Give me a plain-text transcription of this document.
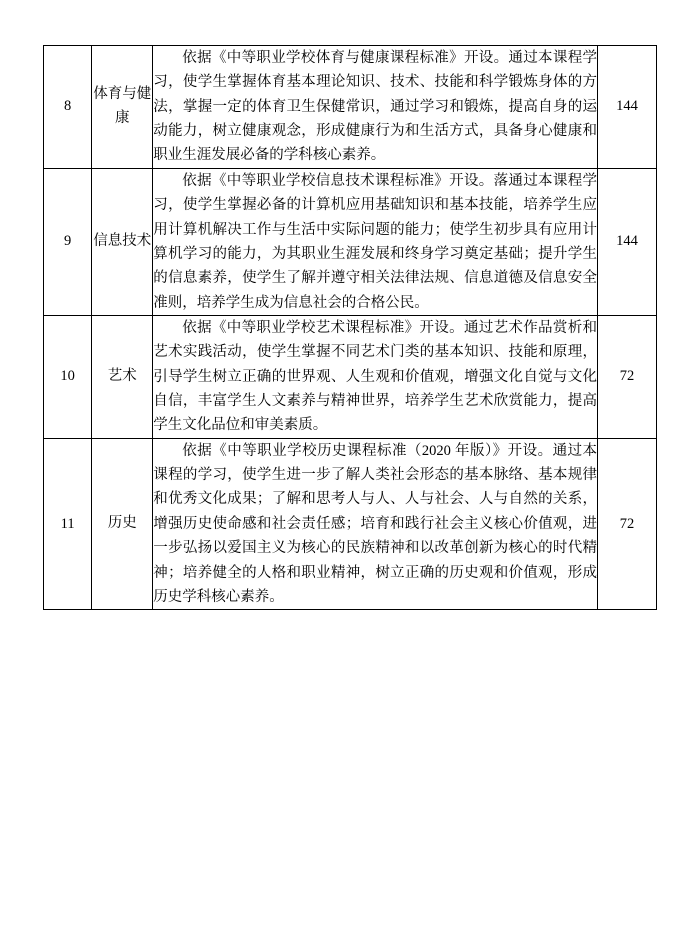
8	体育与健康	依据《中等职业学校体育与健康课程标准》开设。通过本课程学习，使学生掌握体育基本理论知识、技术、技能和科学锻炼身体的方法，掌握一定的体育卫生保健常识，通过学习和锻炼，提高自身的运动能力，树立健康观念，形成健康行为和生活方式，具备身心健康和职业生涯发展必备的学科核心素养。	144
9	信息技术	依据《中等职业学校信息技术课程标准》开设。落通过本课程学习，使学生掌握必备的计算机应用基础知识和基本技能，培养学生应用计算机解决工作与生活中实际问题的能力；使学生初步具有应用计算机学习的能力，为其职业生涯发展和终身学习奠定基础；提升学生的信息素养，使学生了解并遵守相关法律法规、信息道德及信息安全准则，培养学生成为信息社会的合格公民。	144
10	艺术	依据《中等职业学校艺术课程标准》开设。通过艺术作品赏析和艺术实践活动，使学生掌握不同艺术门类的基本知识、技能和原理，引导学生树立正确的世界观、人生观和价值观，增强文化自觉与文化自信，丰富学生人文素养与精神世界，培养学生艺术欣赏能力，提高学生文化品位和审美素质。	72
11	历史	依据《中等职业学校历史课程标准（2020 年版）》开设。通过本课程的学习，使学生进一步了解人类社会形态的基本脉络、基本规律和优秀文化成果；了解和思考人与人、人与社会、人与自然的关系，增强历史使命感和社会责任感；培育和践行社会主义核心价值观，进一步弘扬以爱国主义为核心的民族精神和以改革创新为核心的时代精神；培养健全的人格和职业精神，树立正确的历史观和价值观，形成历史学科核心素养。	72
